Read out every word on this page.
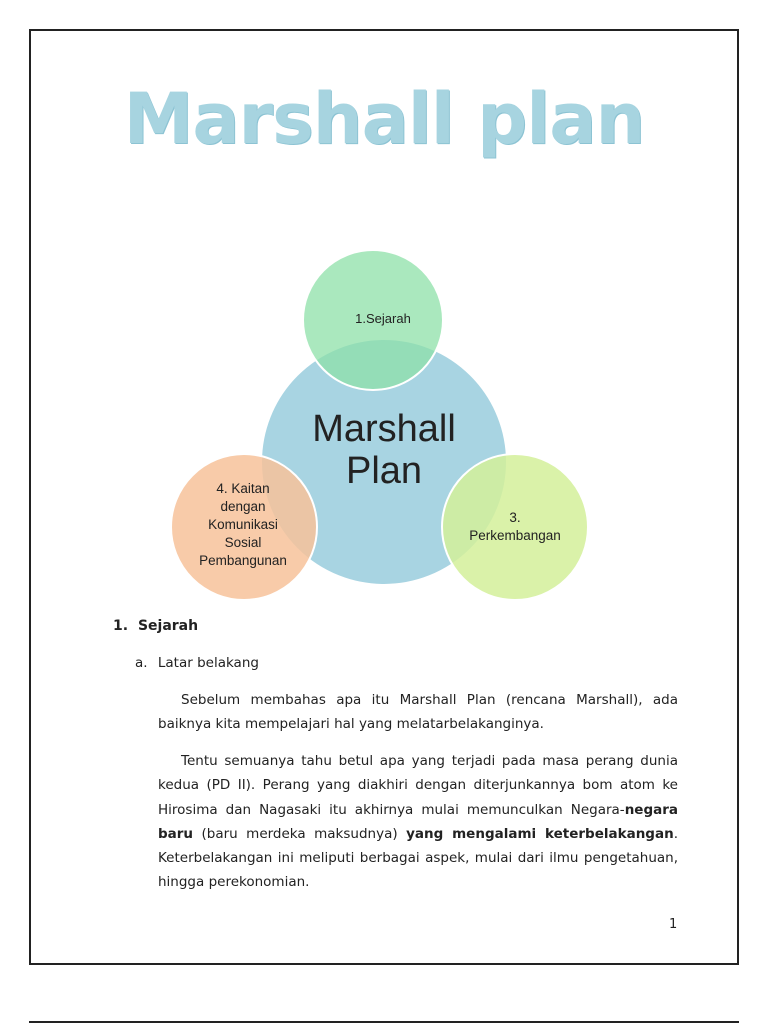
Marshall plan
Marshall
Plan
1.Sejarah
3.
Perkembangan
4. Kaitan
dengan
Komunikasi
Sosial
Pembangunan
1. Sejarah
a. Latar belakang
Sebelum membahas apa itu Marshall Plan (rencana Marshall), ada baiknya kita mempelajari hal yang melatarbelakanginya.
Tentu semuanya tahu betul apa yang terjadi pada masa perang dunia kedua (PD II). Perang yang diakhiri dengan diterjunkannya bom atom ke Hirosima dan Nagasaki itu akhirnya mulai memunculkan Negara-negara baru (baru merdeka maksudnya) yang mengalami keterbelakangan. Keterbelakangan ini meliputi berbagai aspek, mulai dari ilmu pengetahuan, hingga perekonomian.
1
